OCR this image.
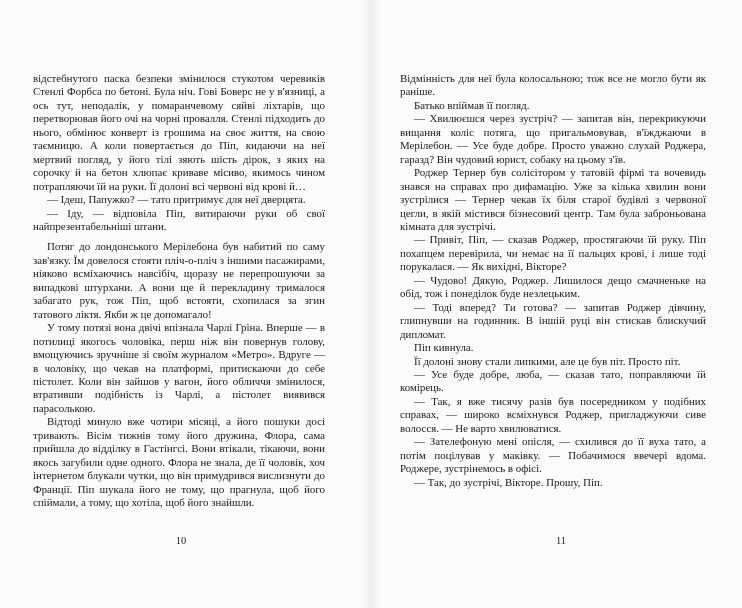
відстебнутого паска безпеки змінилося стукотом черевиків Стенлі Форбса по бетоні. Була ніч. Гові Боверс не у в'язниці, а ось тут, неподалік, у помаранчевому сяйві ліхтарів, що перетворював його очі на чорні провалля. Стенлі підходить до нього, обмінює конверт із грошима на своє життя, на свою таємницю. А коли повертається до Піп, кидаючи на неї мертвий погляд, у його тілі зяють шість дірок, з яких на сорочку й на бетон хлюпає криваве місиво, якимось чином потрапляючи їй на руки. Її долоні всі червоні від крові й…

— Ідеш, Папужко? — тато притримує для неї дверцята.

— Іду, — відповіла Піп, витираючи руки об свої найпрезентабельніші штани.

Потяг до лондонського Мерілебона був набитий по саму зав'язку. Їм довелося стояти пліч-о-пліч з іншими пасажирами, ніяково всміхаючись навсібіч, щоразу не перепрошуючи за випадкові штурхани. А вони ще й перекладину трималося забагато рук, тож Піп, щоб встояти, схопилася за згин татового ліктя. Якби ж це допомагало!

У тому потязі вона двічі впізнала Чарлі Гріна. Вперше — в потилиці якогось чоловіка, перш ніж він повернув голову, вмощуючись зручніше зі своїм журналом «Метро». Вдруге — в чоловіку, що чекав на платформі, притискаючи до себе пістолет. Коли він зайшов у вагон, його обличчя змінилося, втративши подібність із Чарлі, а пістолет виявився парасолькою.

Відтоді минуло вже чотири місяці, а його пошуки досі тривають. Вісім тижнів тому його дружина, Флора, сама прийшла до відділку в Гастінгсі. Вони втікали, тікаючи, вони якось загубили одне одного. Флора не знала, де її чоловік, хоч інтернетом блукали чутки, що він примудрився вислизнути до Франції. Піп шукала його не тому, що прагнула, щоб його спіймали, а тому, що хотіла, щоб його знайшли.

10

Відмінність для неї була колосальною; тож все не могло бути як раніше.

Батько впіймав її погляд.

— Хвилюєшся через зустріч? — запитав він, перекрикуючи вищання коліс потяга, що пригальмовував, в'їжджаючи в Мерілебон. — Усе буде добре. Просто уважно слухай Роджера, гаразд? Він чудовий юрист, собаку на цьому з'їв.

Роджер Тернер був солісітором у татовій фірмі та вочевидь знався на справах про дифамацію. Уже за кілька хвилин вони зустрілися — Тернер чекав їх біля старої будівлі з червоної цегли, в якій містився бізнесовий центр. Там була заброньована кімната для зустрічі.

— Привіт, Піп, — сказав Роджер, простягаючи їй руку. Піп похапцем перевірила, чи немає на її пальцях крові, і лише тоді порукалася. — Як вихідні, Вікторе?

— Чудово! Дякую, Роджер. Лишилося дещо смачненьке на обід, тож і понеділок буде незлецьким.

— Тоді вперед? Ти готова? — запитав Роджер дівчину, глипнувши на годинник. В іншій руці він стискав блискучий дипломат.

Піп кивнула.

Її долоні знову стали липкими, але це був піт. Просто піт.

— Усе буде добре, люба, — сказав тато, поправляючи їй комірець.

— Так, я вже тисячу разів був посередником у подібних справах, — широко всміхнувся Роджер, пригладжуючи сиве волосся. — Не варто хвилюватися.

— Зателефоную мені опісля, — схилився до її вуха тато, а потім поцілував у маківку. — Побачимося ввечері вдома. Роджере, зустрінемось в офісі.

— Так, до зустрічі, Вікторе. Прошу, Піп.

11
